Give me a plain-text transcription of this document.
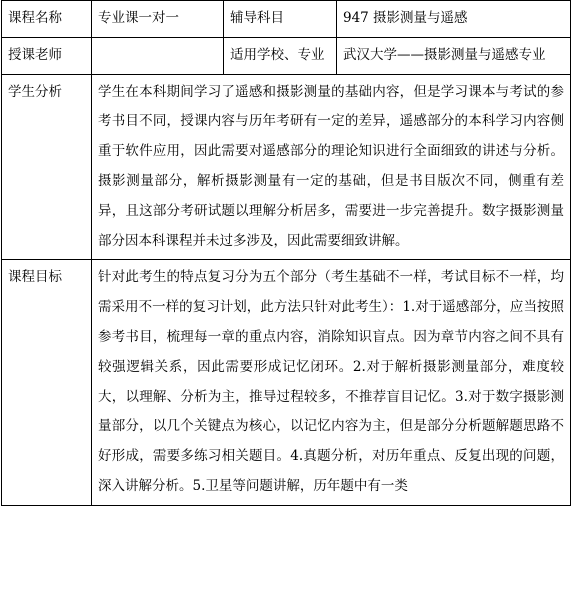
课程名称	专业课一对一	辅导科目	947 摄影测量与遥感
授课老师		适用学校、专业	武汉大学——摄影测量与遥感专业
学生分析	学生在本科期间学习了遥感和摄影测量的基础内容，但是学习课本与考试的参考书目不同，授课内容与历年考研有一定的差异，遥感部分的本科学习内容侧重于软件应用，因此需要对遥感部分的理论知识进行全面细致的讲述与分析。摄影测量部分，解析摄影测量有一定的基础，但是书目版次不同，侧重有差异，且这部分考研试题以理解分析居多，需要进一步完善提升。数字摄影测量部分因本科课程并未过多涉及，因此需要细致讲解。		
课程目标	针对此考生的特点复习分为五个部分（考生基础不一样，考试目标不一样，均需采用不一样的复习计划，此方法只针对此考生）：1.对于遥感部分，应当按照参考书目，梳理每一章的重点内容，消除知识盲点。因为章节内容之间不具有较强逻辑关系，因此需要形成记忆闭环。2.对于解析摄影测量部分，难度较大，以理解、分析为主，推导过程较多，不推荐盲目记忆。3.对于数字摄影测量部分，以几个关键点为核心，以记忆内容为主，但是部分分析题解题思路不好形成，需要多练习相关题目。4.真题分析，对历年重点、反复出现的问题，深入讲解分析。5.卫星等问题讲解，历年题中有一类		
